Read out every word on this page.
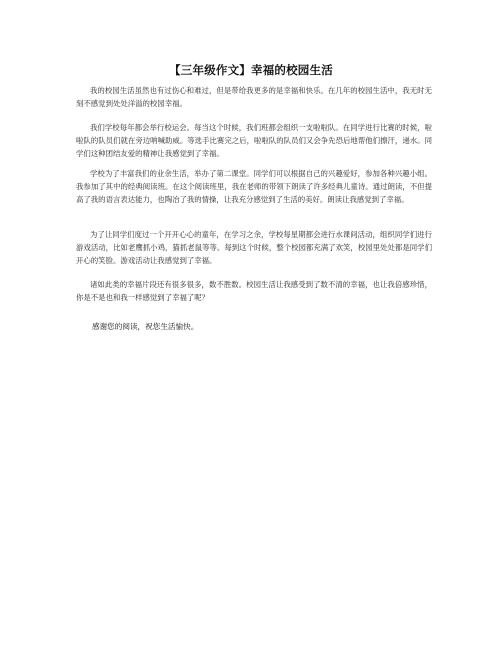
【三年级作文】幸福的校园生活

我的校园生活虽然也有过伤心和难过，但是带给我更多的是幸福和快乐。在几年的校园生活中，我无时无刻不感觉到处处洋溢的校园幸福。

我们学校每年都会举行校运会。每当这个时候，我们班都会组织一支啦啦队。在同学进行比赛的时候，啦啦队的队员们就在旁边呐喊助威。等选手比赛完之后，啦啦队的队员们又会争先恐后地帮他们擦汗，递水。同学们这种团结友爱的精神让我感觉到了幸福。

学校为了丰富我们的业余生活，举办了第二课堂。同学们可以根据自己的兴趣爱好，参加各种兴趣小组。我参加了其中的经典阅读班。在这个阅读班里，我在老师的带领下朗读了许多经典儿童诗。通过朗读，不但提高了我的语言表达能力，也陶冶了我的情操，让我充分感觉到了生活的美好。朗读让我感觉到了幸福。

为了让同学们度过一个开开心心的童年，在学习之余，学校每星期都会进行水课间活动，组织同学们进行游戏活动，比如老鹰抓小鸡，猫抓老鼠等等。每到这个时候，整个校园都充满了欢笑，校园里处处都是同学们开心的笑脸。游戏活动让我感觉到了幸福。

诸如此类的幸福片段还有很多很多，数不胜数。校园生活让我感受到了数不清的幸福，也让我倍感珍惜，你是不是也和我一样感觉到了幸福了呢？

感谢您的阅读，祝您生活愉快。
